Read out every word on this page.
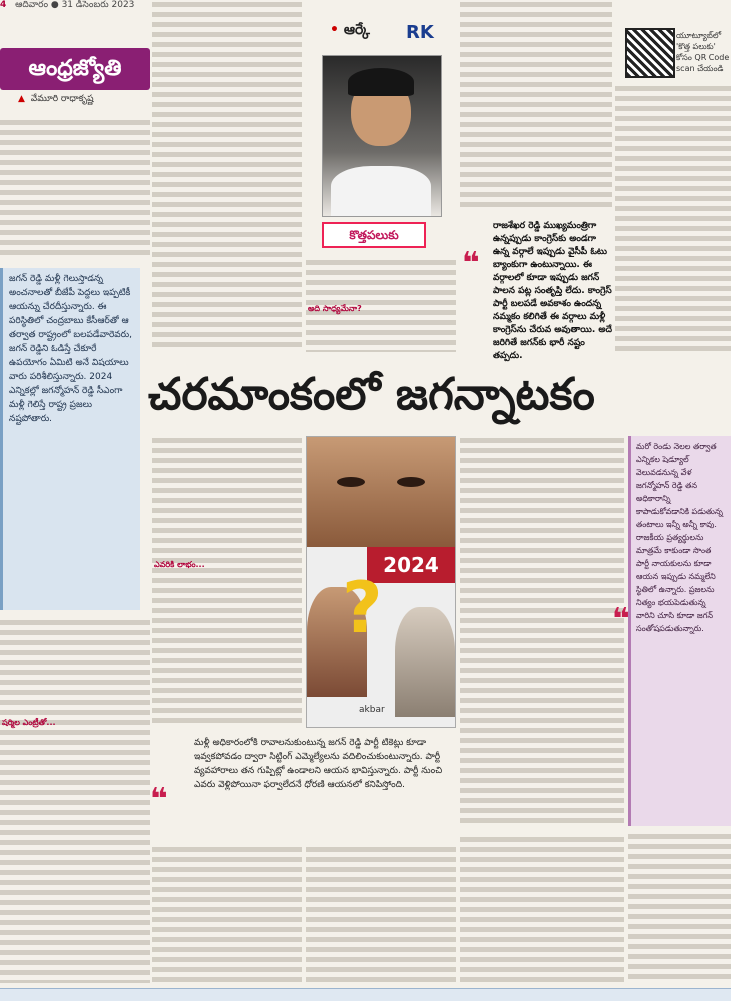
4 ఆదివారం ● 31 డిసెంబరు 2023
ఆంధ్రజ్యోతి
▲ వేమూరి రాధాకృష్ణ
జగన్ రెడ్డి మళ్లీ గెలుస్తాడన్న అంచనాలతో బీజేపీ పెద్దలు ఇప్పటికీ ఆయన్ను చేరదీస్తున్నారు. ఈ పరిస్థితిలో చంద్రబాబు కేసీఆర్‌తో ఆ తర్వాత రాష్ట్రంలో బలపడేవారెవరు, జగన్ రెడ్డిని ఓడిస్తే చేకూరే ఉపయోగం ఏమిటి అనే విషయాలు వారు పరిశీలిస్తున్నారు. 2024 ఎన్నికల్లో జగన్మోహన్ రెడ్డి సీఎంగా మళ్లీ గెలిస్తే రాష్ట్ర ప్రజలు నష్టపోతారు.
షర్మిల ఎంట్రీతో...
• ఆర్కే RK
కొత్తపలుకు
అది సాధ్యమేనా?
❝
రాజశేఖర రెడ్డి ముఖ్యమంత్రిగా ఉన్నప్పుడు కాంగ్రెస్‌కు అండగా ఉన్న వర్గాలే ఇప్పుడు వైసీపీ ఓటు బ్యాంకుగా ఉంటున్నాయి. ఈ వర్గాలలో కూడా ఇప్పుడు జగన్ పాలన పట్ల సంతృప్తి లేదు. కాంగ్రెస్ పార్టీ బలపడే అవకాశం ఉందన్న నమ్మకం కలిగితే ఈ వర్గాలు మళ్లీ కాంగ్రెస్‌ను చేరువ అవుతాయి. అదే జరిగితే జగన్‌కు భారీ నష్టం తప్పదు.
యూట్యూబ్‌లో 'కొత్త పలుకు' కోసం QR Code scan చేయండి
చరమాంకంలో జగన్నాటకం
ఎవరికి లాభం...	2024
?
akbar
మరో రెండు నెలల తర్వాత ఎన్నికల షెడ్యూల్ వెలువడనున్న వేళ జగన్మోహన్ రెడ్డి తన అధికారాన్ని కాపాడుకోవడానికి పడుతున్న తంటాలు ఇన్నీ అన్నీ కావు. రాజకీయ ప్రత్యర్థులను మాత్రమే కాకుండా సొంత పార్టీ నాయకులను కూడా ఆయన ఇప్పుడు నమ్మలేని స్థితిలో ఉన్నారు. ప్రజలను నిత్యం భయపెడుతున్న వారిని చూసి కూడా జగన్ సంతోషపడుతున్నారు.
❝
❝
మళ్లీ అధికారంలోకి రావాలనుకుంటున్న జగన్ రెడ్డి పార్టీ టికెట్లు కూడా ఇవ్వకపోవడం ద్వారా సిట్టింగ్ ఎమ్మెల్యేలను వదిలించుకుంటున్నారు. పార్టీ వ్యవహారాలు తన గుప్పిట్లో ఉండాలని ఆయన భావిస్తున్నారు. పార్టీ నుంచి ఎవరు వెళ్లిపోయినా ఫర్వాలేదనే ధోరణి ఆయనలో కనిపిస్తోంది.
